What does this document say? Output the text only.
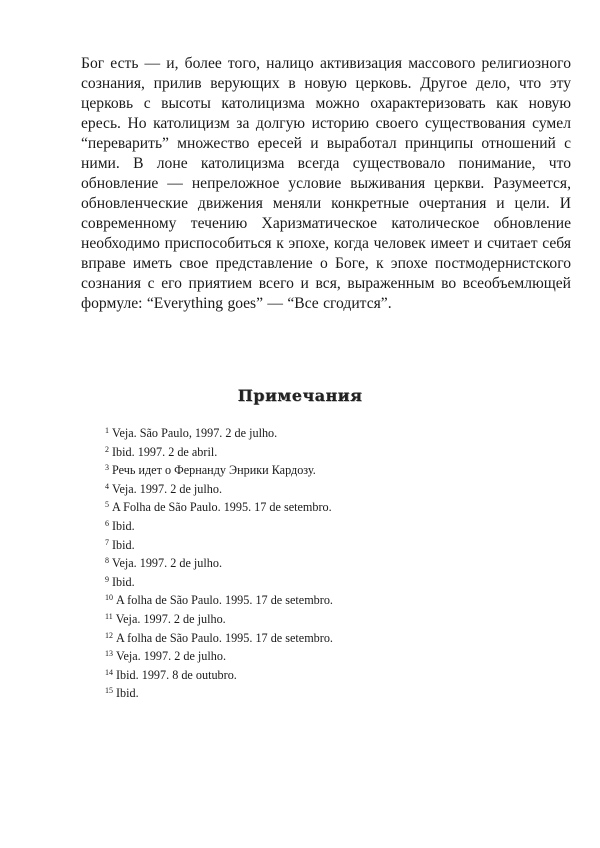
Бог есть — и, более того, налицо активизация массового религиозного сознания, прилив верующих в новую церковь. Другое дело, что эту церковь с высоты католицизма можно охарактеризовать как новую ересь. Но католицизм за долгую историю своего существования сумел “переварить” множество ересей и выработал принципы отношений с ними. В лоне католицизма всегда существовало понимание, что обновление — непреложное условие выживания церкви. Разумеется, обновленческие движения меняли конкретные очертания и цели. И современному течению Харизматическое католическое обновление необходимо приспособиться к эпохе, когда человек имеет и считает себя вправе иметь свое представление о Боге, к эпохе постмодернистского сознания с его приятием всего и вся, выраженным во всеобъемлющей формуле: “Everything goes” — “Все сгодится”.

Примечания
$^1$ Veja. São Paulo, 1997. 2 de julho.
$^2$ Ibid. 1997. 2 de abril.
$^3$ Речь идет о Фернанду Энрики Кардозу.
$^4$ Veja. 1997. 2 de julho.
$^5$ A Folha de São Paulo. 1995. 17 de setembro.
$^6$ Ibid.
$^7$ Ibid.
$^8$ Veja. 1997. 2 de julho.
$^9$ Ibid.
$^{10}$ A folha de São Paulo. 1995. 17 de setembro.
$^{11}$ Veja. 1997. 2 de julho.
$^{12}$ A folha de São Paulo. 1995. 17 de setembro.
$^{13}$ Veja. 1997. 2 de julho.
$^{14}$ Ibid. 1997. 8 de outubro.
$^{15}$ Ibid.
